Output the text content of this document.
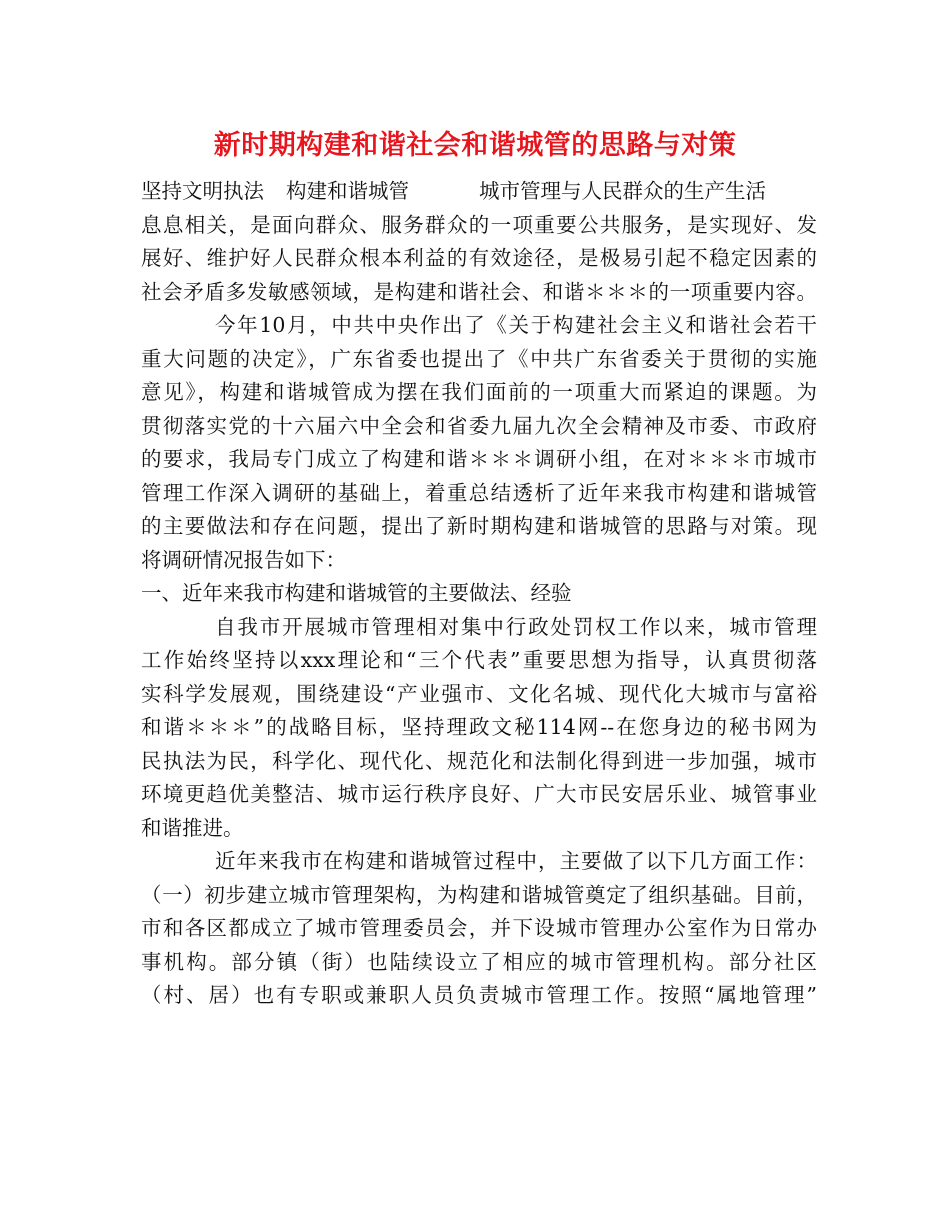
新时期构建和谐社会和谐城管的思路与对策
坚持文明执法 构建和谐城管	城市管理与人民群众的生产生活
息息相关，是面向群众、服务群众的一项重要公共服务，是实现好、发
展好、维护好人民群众根本利益的有效途径，是极易引起不稳定因素的
社会矛盾多发敏感领域，是构建和谐社会、和谐＊＊＊的一项重要内容。
今年10月，中共中央作出了《关于构建社会主义和谐社会若干
重大问题的决定》，广东省委也提出了《中共广东省委关于贯彻的实施
意见》，构建和谐城管成为摆在我们面前的一项重大而紧迫的课题。为
贯彻落实党的十六届六中全会和省委九届九次全会精神及市委、市政府
的要求，我局专门成立了构建和谐＊＊＊调研小组，在对＊＊＊市城市
管理工作深入调研的基础上，着重总结透析了近年来我市构建和谐城管
的主要做法和存在问题，提出了新时期构建和谐城管的思路与对策。现
将调研情况报告如下：
一、近年来我市构建和谐城管的主要做法、经验
自我市开展城市管理相对集中行政处罚权工作以来，城市管理
工作始终坚持以xxx理论和“三个代表”重要思想为指导，认真贯彻落
实科学发展观，围绕建设“产业强市、文化名城、现代化大城市与富裕
和谐＊＊＊”的战略目标，坚持理政文秘114网--在您身边的秘书网为
民执法为民，科学化、现代化、规范化和法制化得到进一步加强，城市
环境更趋优美整洁、城市运行秩序良好、广大市民安居乐业、城管事业
和谐推进。
近年来我市在构建和谐城管过程中，主要做了以下几方面工作：
（一）初步建立城市管理架构，为构建和谐城管奠定了组织基础。目前，
市和各区都成立了城市管理委员会，并下设城市管理办公室作为日常办
事机构。部分镇（街）也陆续设立了相应的城市管理机构。部分社区
（村、居）也有专职或兼职人员负责城市管理工作。按照“属地管理”
